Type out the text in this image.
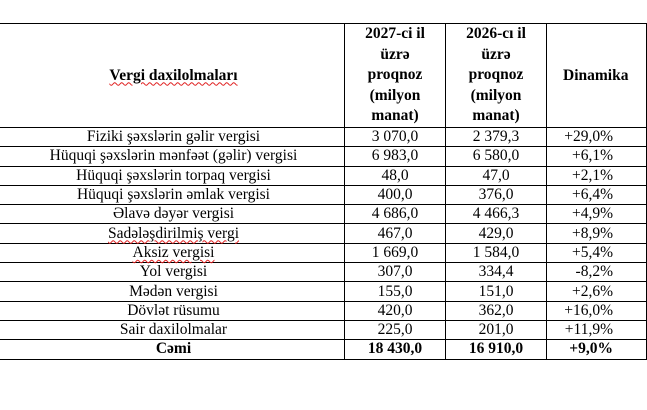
Vergi daxilolmaları	2027-ci il üzrə proqnoz (milyon manat)	2026-cı il üzrə proqnoz (milyon manat)	Dinamika
Fiziki şəxslərin gəlir vergisi	3 070,0	2 379,3	+29,0%
Hüquqi şəxslərin mənfəət (gəlir) vergisi	6 983,0	6 580,0	+6,1%
Hüquqi şəxslərin torpaq vergisi	48,0	47,0	+2,1%
Hüquqi şəxslərin əmlak vergisi	400,0	376,0	+6,4%
Əlavə dəyər vergisi	4 686,0	4 466,3	+4,9%
Sadələşdirilmiş vergi	467,0	429,0	+8,9%
Aksiz vergisi	1 669,0	1 584,0	+5,4%
Yol vergisi	307,0	334,4	-8,2%
Mədən vergisi	155,0	151,0	+2,6%
Dövlət rüsumu	420,0	362,0	+16,0%
Sair daxilolmalar	225,0	201,0	+11,9%
Cəmi	18 430,0	16 910,0	+9,0%
